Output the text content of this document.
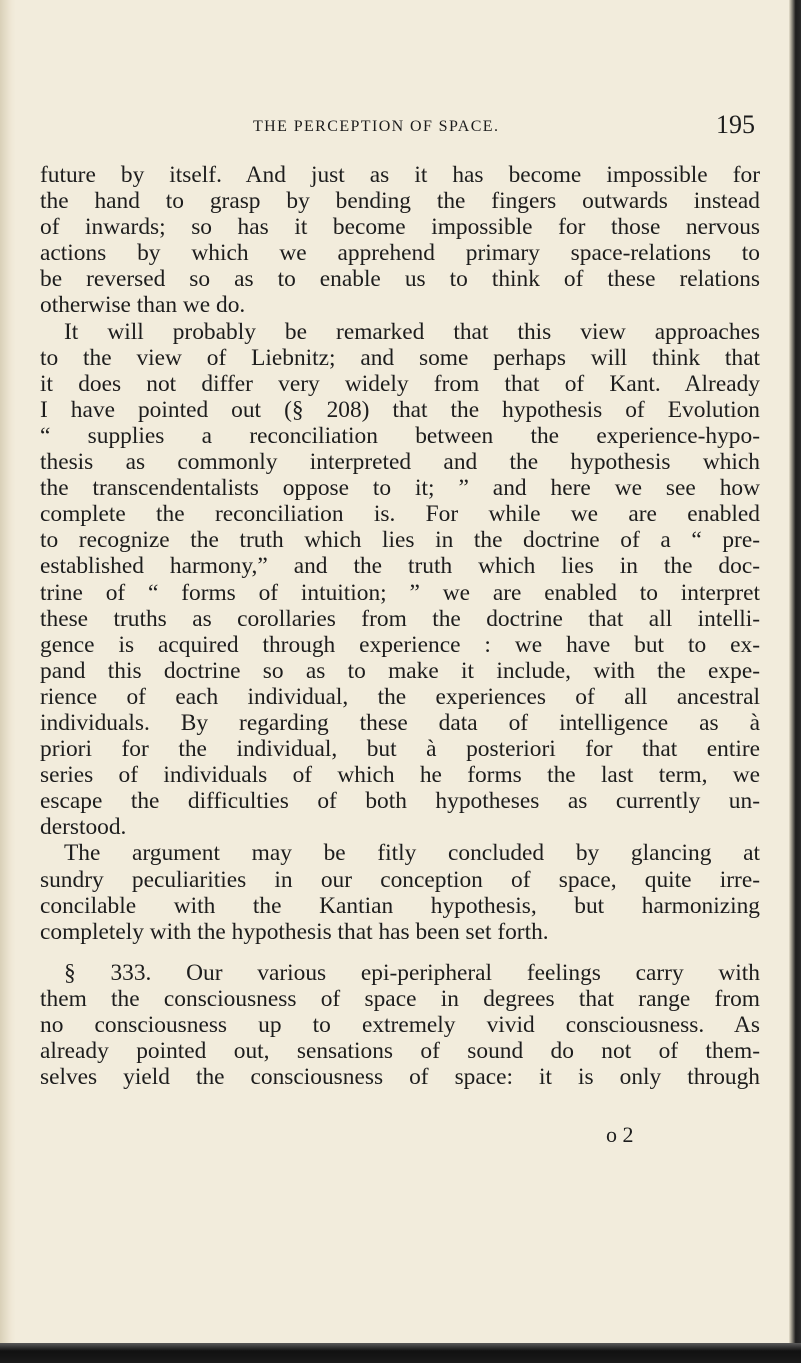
THE PERCEPTION OF SPACE.	195
future by itself. And just as it has become impossible for
the hand to grasp by bending the fingers outwards instead
of inwards; so has it become impossible for those nervous
actions by which we apprehend primary space-relations to
be reversed so as to enable us to think of these relations
otherwise than we do.
It will probably be remarked that this view approaches
to the view of Liebnitz; and some perhaps will think that
it does not differ very widely from that of Kant. Already
I have pointed out (§ 208) that the hypothesis of Evolution
“ supplies a reconciliation between the experience-hypo-
thesis as commonly interpreted and the hypothesis which
the transcendentalists oppose to it; ” and here we see how
complete the reconciliation is. For while we are enabled
to recognize the truth which lies in the doctrine of a “ pre-
established harmony,” and the truth which lies in the doc-
trine of “ forms of intuition; ” we are enabled to interpret
these truths as corollaries from the doctrine that all intelli-
gence is acquired through experience : we have but to ex-
pand this doctrine so as to make it include, with the expe-
rience of each individual, the experiences of all ancestral
individuals. By regarding these data of intelligence as à
priori for the individual, but à posteriori for that entire
series of individuals of which he forms the last term, we
escape the difficulties of both hypotheses as currently un-
derstood.
The argument may be fitly concluded by glancing at
sundry peculiarities in our conception of space, quite irre-
concilable with the Kantian hypothesis, but harmonizing
completely with the hypothesis that has been set forth.
§ 333. Our various epi-peripheral feelings carry with
them the consciousness of space in degrees that range from
no consciousness up to extremely vivid consciousness. As
already pointed out, sensations of sound do not of them-
selves yield the consciousness of space: it is only through
o 2
